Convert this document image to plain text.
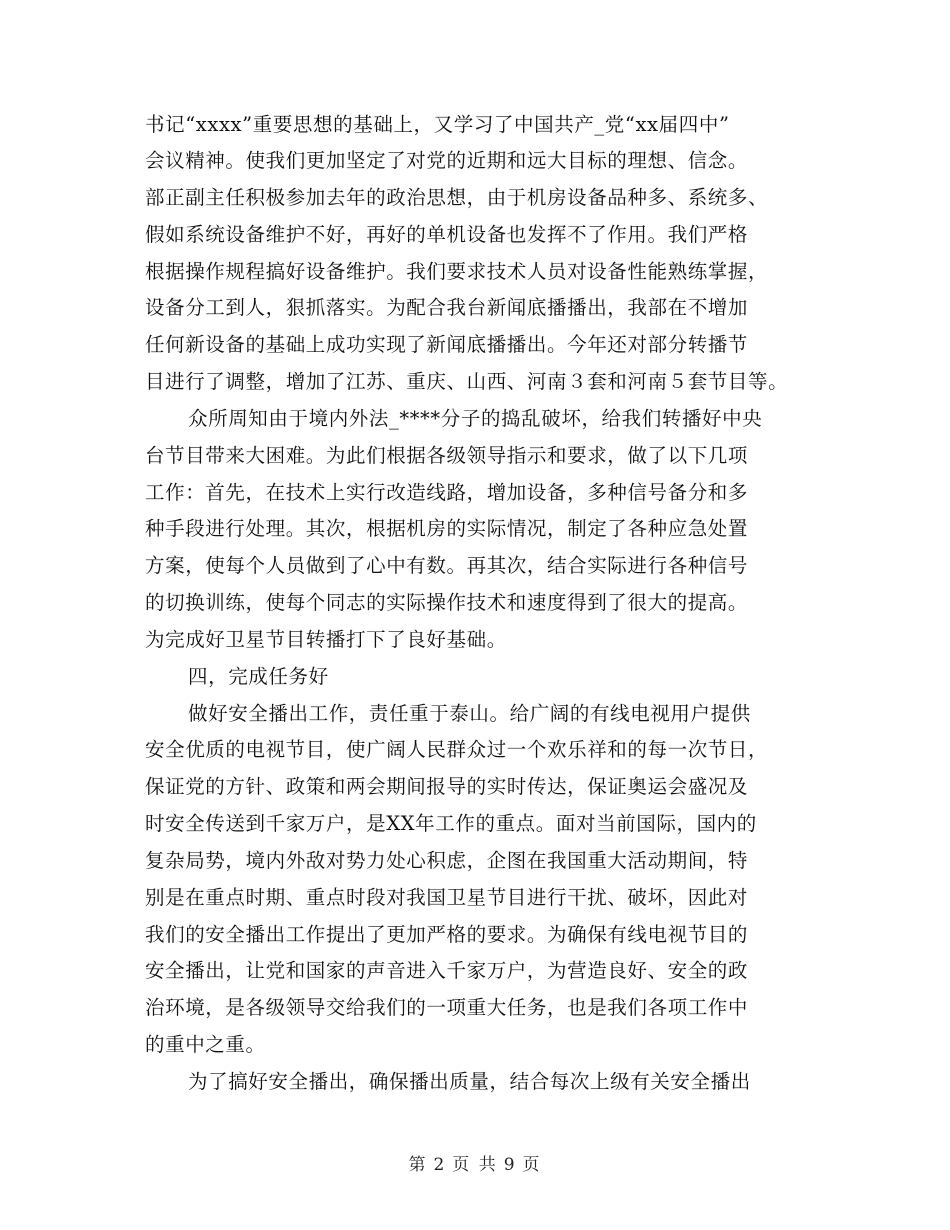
书记“xxxx”重要思想的基础上，又学习了中国共产_党“xx届四中”
会议精神。使我们更加坚定了对党的近期和远大目标的理想、信念。
部正副主任积极参加去年的政治思想，由于机房设备品种多、系统多、
假如系统设备维护不好，再好的单机设备也发挥不了作用。我们严格
根据操作规程搞好设备维护。我们要求技术人员对设备性能熟练掌握，
设备分工到人，狠抓落实。为配合我台新闻底播播出，我部在不增加
任何新设备的基础上成功实现了新闻底播播出。今年还对部分转播节
目进行了调整，增加了江苏、重庆、山西、河南３套和河南５套节目等。
众所周知由于境内外法_****分子的捣乱破坏，给我们转播好中央
台节目带来大困难。为此们根据各级领导指示和要求，做了以下几项
工作：首先，在技术上实行改造线路，增加设备，多种信号备分和多
种手段进行处理。其次，根据机房的实际情况，制定了各种应急处置
方案，使每个人员做到了心中有数。再其次，结合实际进行各种信号
的切换训练，使每个同志的实际操作技术和速度得到了很大的提高。
为完成好卫星节目转播打下了良好基础。
四，完成任务好
做好安全播出工作，责任重于泰山。给广阔的有线电视用户提供
安全优质的电视节目，使广阔人民群众过一个欢乐祥和的每一次节日，
保证党的方针、政策和两会期间报导的实时传达，保证奥运会盛况及
时安全传送到千家万户，是XX年工作的重点。面对当前国际，国内的
复杂局势，境内外敌对势力处心积虑，企图在我国重大活动期间，特
别是在重点时期、重点时段对我国卫星节目进行干扰、破坏，因此对
我们的安全播出工作提出了更加严格的要求。为确保有线电视节目的
安全播出，让党和国家的声音进入千家万户，为营造良好、安全的政
治环境，是各级领导交给我们的一项重大任务，也是我们各项工作中
的重中之重。
为了搞好安全播出，确保播出质量，结合每次上级有关安全播出
第 2 页 共 9 页
